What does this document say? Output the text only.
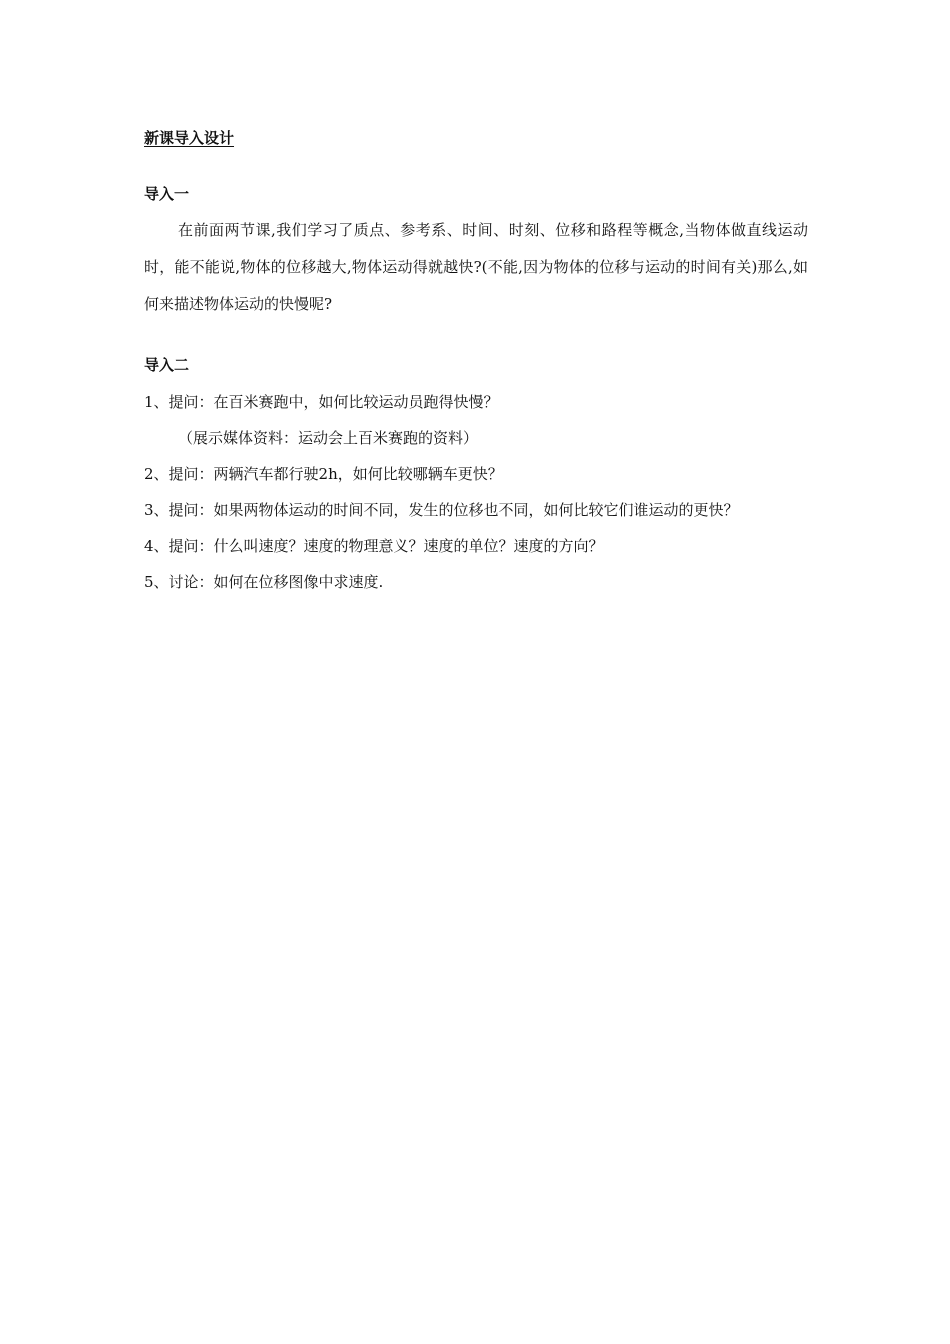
新课导入设计
导入一

在前面两节课,我们学习了质点、参考系、时间、时刻、位移和路程等概念,当物体做直线运动时，能不能说,物体的位移越大,物体运动得就越快?(不能,因为物体的位移与运动的时间有关)那么,如何来描述物体运动的快慢呢?

导入二
1、提问：在百米赛跑中，如何比较运动员跑得快慢？
（展示媒体资料：运动会上百米赛跑的资料）
2、提问：两辆汽车都行驶2h，如何比较哪辆车更快？
3、提问：如果两物体运动的时间不同，发生的位移也不同，如何比较它们谁运动的更快？
4、提问：什么叫速度？速度的物理意义？速度的单位？速度的方向？
5、讨论：如何在位移图像中求速度.
